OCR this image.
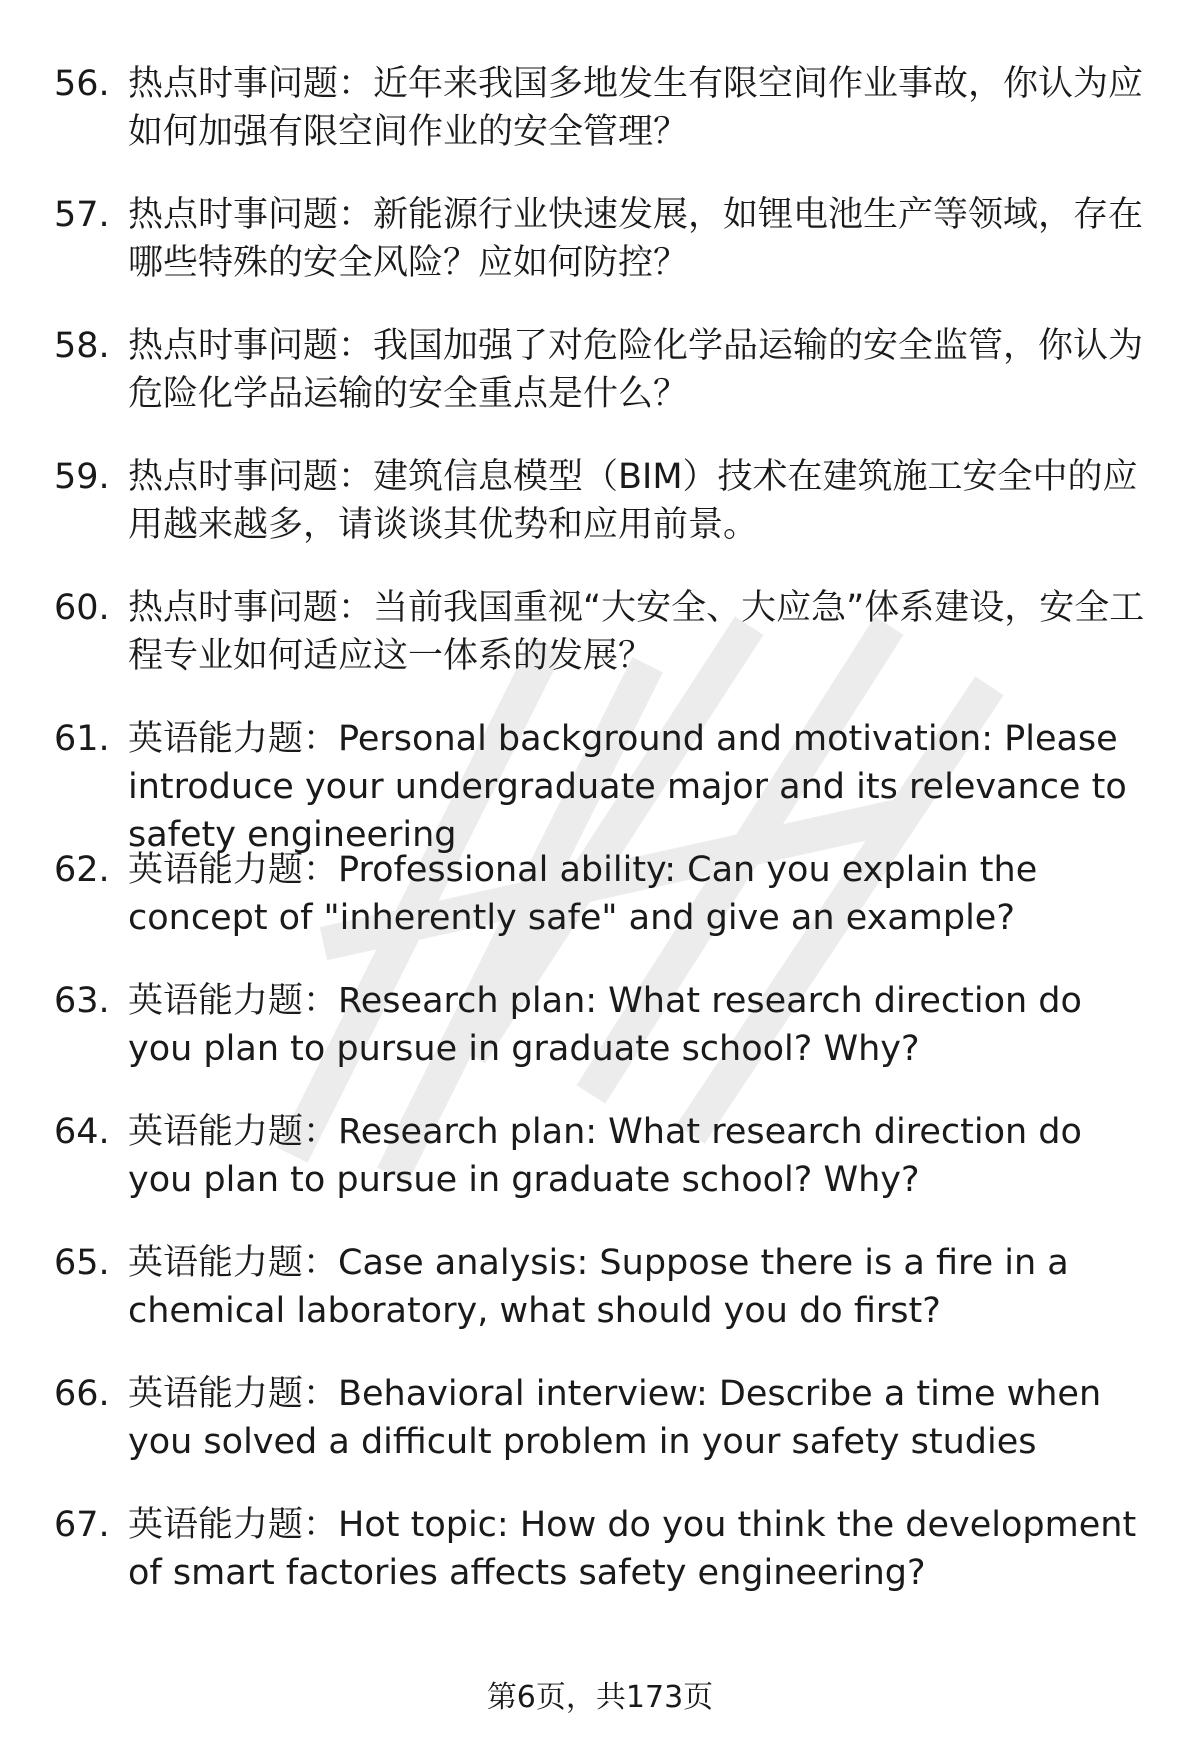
56. 热点时事问题：近年来我国多地发生有限空间作业事故，你认为应如何加强有限空间作业的安全管理？
57. 热点时事问题：新能源行业快速发展，如锂电池生产等领域，存在哪些特殊的安全风险？应如何防控？
58. 热点时事问题：我国加强了对危险化学品运输的安全监管，你认为危险化学品运输的安全重点是什么？
59. 热点时事问题：建筑信息模型（BIM）技术在建筑施工安全中的应用越来越多，请谈谈其优势和应用前景。
60. 热点时事问题：当前我国重视“大安全、大应急”体系建设，安全工程专业如何适应这一体系的发展？
61. 英语能力题：Personal background and motivation: Please introduce your undergraduate major and its relevance to safety engineering
62. 英语能力题：Professional ability: Can you explain the concept of "inherently safe" and give an example?
63. 英语能力题：Research plan: What research direction do you plan to pursue in graduate school? Why?
64. 英语能力题：Research plan: What research direction do you plan to pursue in graduate school? Why?
65. 英语能力题：Case analysis: Suppose there is a fire in a chemical laboratory, what should you do first?
66. 英语能力题：Behavioral interview: Describe a time when you solved a difficult problem in your safety studies
67. 英语能力题：Hot topic: How do you think the development of smart factories affects safety engineering?
第6页，共173页
